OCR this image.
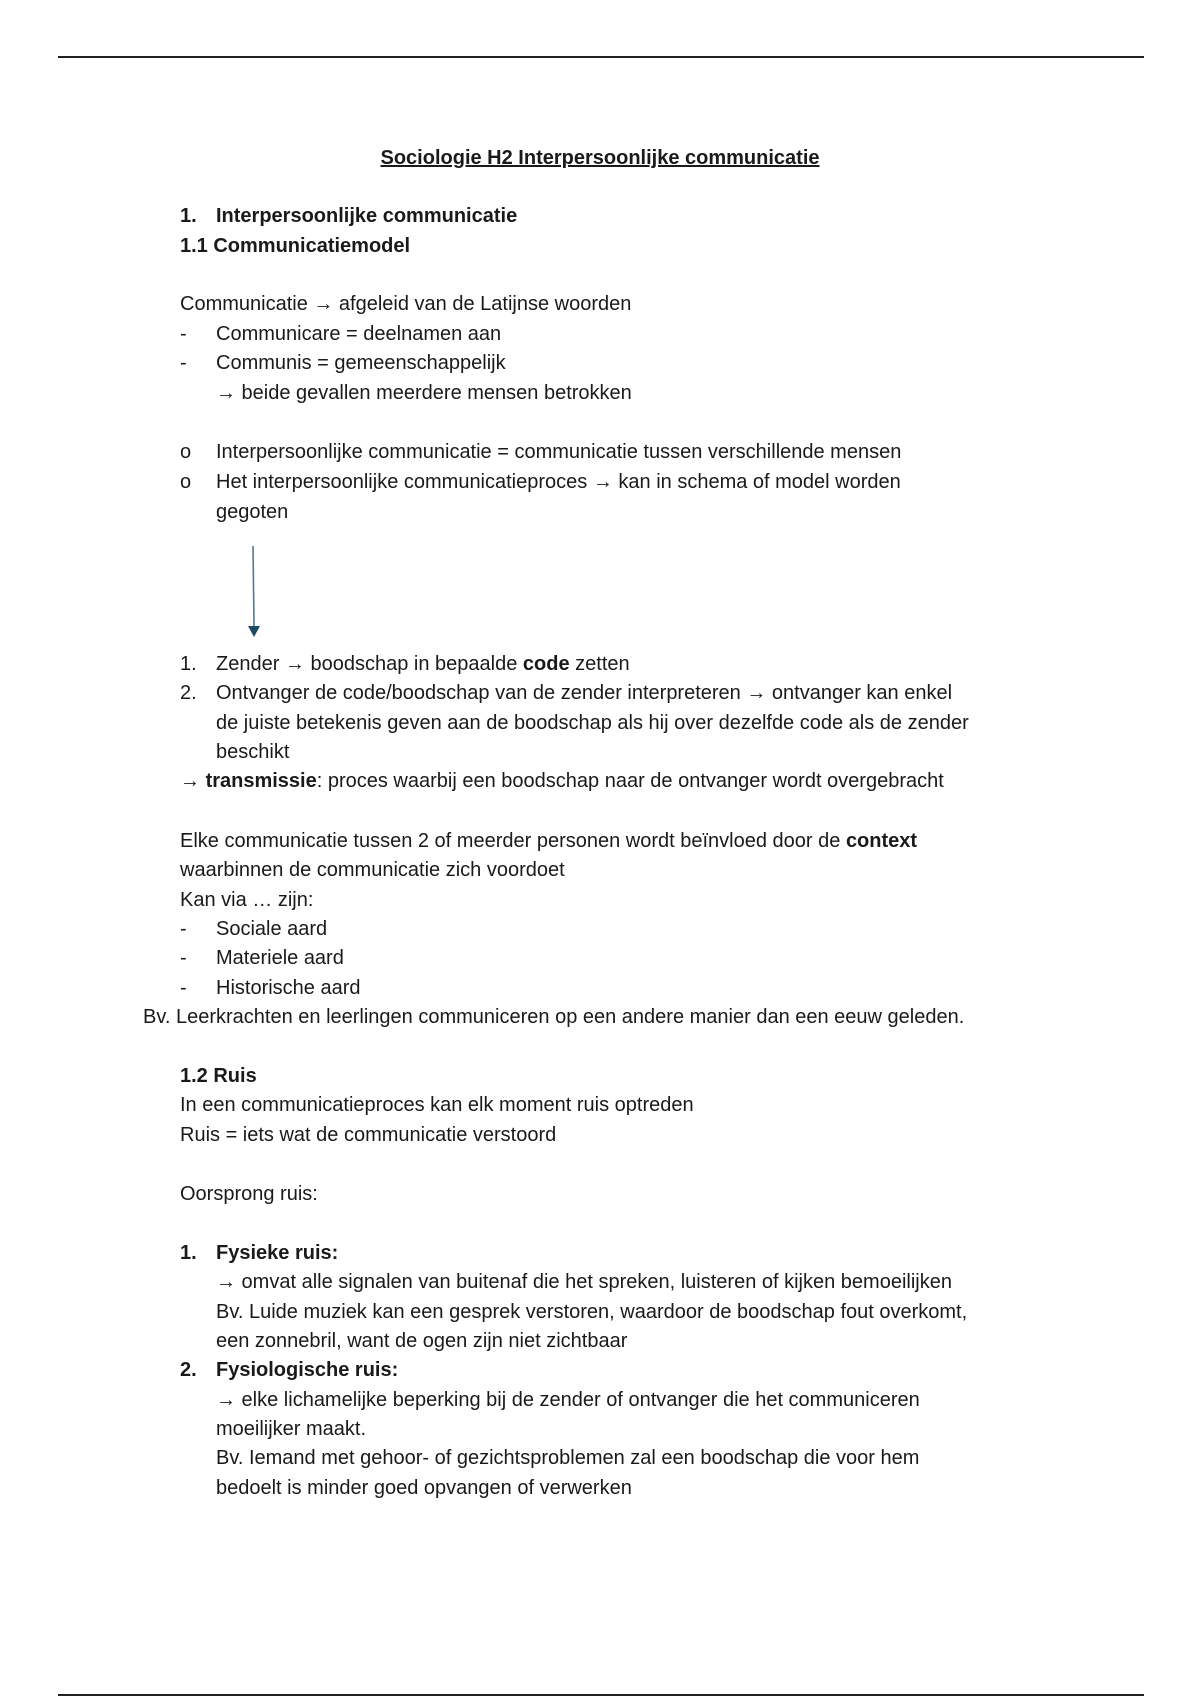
Sociologie H2 Interpersoonlijke communicatie
1. Interpersoonlijke communicatie
1.1 Communicatiemodel
Communicatie → afgeleid van de Latijnse woorden
- Communicare = deelnamen aan
- Communis = gemeenschappelijk
→ beide gevallen meerdere mensen betrokken
o Interpersoonlijke communicatie = communicatie tussen verschillende mensen
o Het interpersoonlijke communicatieproces → kan in schema of model worden
gegoten
1. Zender → boodschap in bepaalde code zetten
2. Ontvanger de code/boodschap van de zender interpreteren → ontvanger kan enkel
de juiste betekenis geven aan de boodschap als hij over dezelfde code als de zender
beschikt
→ transmissie: proces waarbij een boodschap naar de ontvanger wordt overgebracht
Elke communicatie tussen 2 of meerder personen wordt beïnvloed door de context
waarbinnen de communicatie zich voordoet
Kan via … zijn:
- Sociale aard
- Materiele aard
- Historische aard
Bv. Leerkrachten en leerlingen communiceren op een andere manier dan een eeuw geleden.
1.2 Ruis
In een communicatieproces kan elk moment ruis optreden
Ruis = iets wat de communicatie verstoord
Oorsprong ruis:
1. Fysieke ruis:
→ omvat alle signalen van buitenaf die het spreken, luisteren of kijken bemoeilijken
Bv. Luide muziek kan een gesprek verstoren, waardoor de boodschap fout overkomt,
een zonnebril, want de ogen zijn niet zichtbaar
2. Fysiologische ruis:
→ elke lichamelijke beperking bij de zender of ontvanger die het communiceren
moeilijker maakt.
Bv. Iemand met gehoor- of gezichtsproblemen zal een boodschap die voor hem
bedoelt is minder goed opvangen of verwerken
